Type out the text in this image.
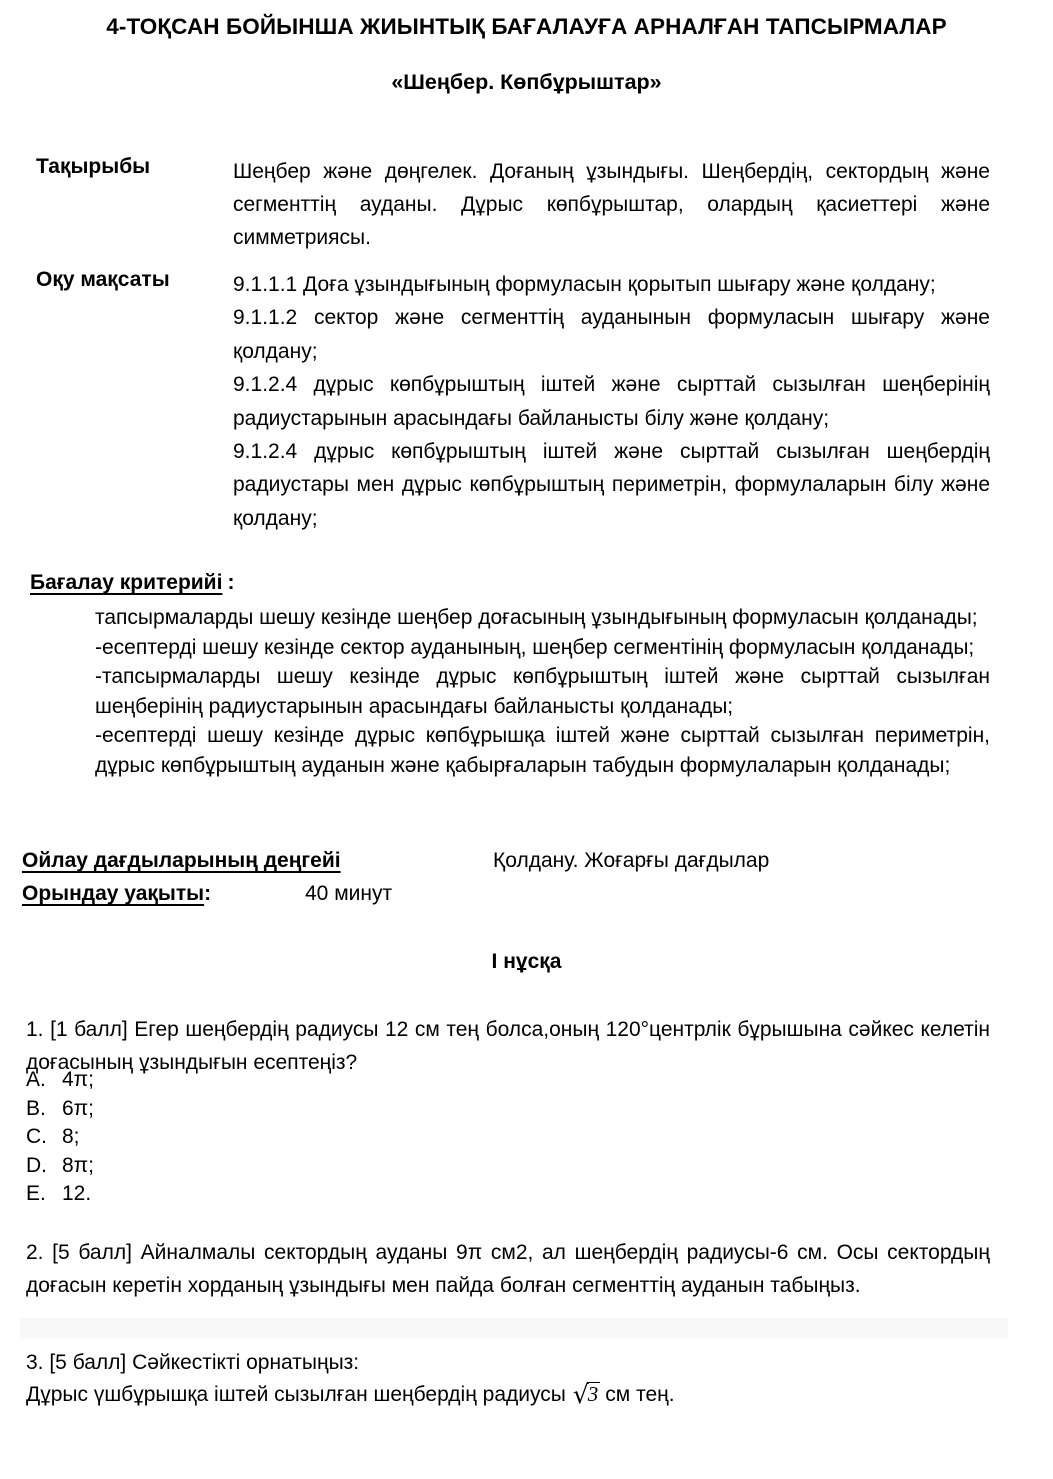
4-ТОҚСАН БОЙЫНША ЖИЫНТЫҚ БАҒАЛАУҒА АРНАЛҒАН ТАПСЫРМАЛАР
«Шеңбер. Көпбұрыштар»
Тақырыбы	Шеңбер және дөңгелек. Доғаның ұзындығы. Шеңбердің, сектордың және сегменттің ауданы. Дұрыс көпбұрыштар, олардың қасиеттері және симметриясы.
Оқу мақсаты	9.1.1.1 Доға ұзындығының формуласын қорытып шығару және қолдану;

9.1.1.2 сектор және сегменттің ауданынын формуласын шығару және қолдану;

9.1.2.4 дұрыс көпбұрыштың іштей және сырттай сызылған шеңберінің радиустарынын арасындағы байланысты білу және қолдану;

9.1.2.4 дұрыс көпбұрыштың іштей және сырттай сызылған шеңбердің радиустары мен дұрыс көпбұрыштың периметрін, формулаларын білу және қолдану;

Бағалау критерийі :

тапсырмаларды шешу кезінде шеңбер доғасының ұзындығының формуласын қолданады;

-есептерді шешу кезінде сектор ауданының, шеңбер сегментінің формуласын қолданады;

-тапсырмаларды шешу кезінде дұрыс көпбұрыштың іштей және сырттай сызылған шеңберінің радиустарынын арасындағы байланысты қолданады;

-есептерді шешу кезінде дұрыс көпбұрышқа іштей және сырттай сызылған периметрін, дұрыс көпбұрыштың ауданын және қабырғаларын табудын формулаларын қолданады;

Ойлау дағдыларының деңгейі	Қолдану. Жоғарғы дағдылар
Орындау уақыты:	40 минут
І нұсқа
1. [1 балл] Егер шеңбердің радиусы 12 см тең болса,оның 120°центрлік бұрышына сәйкес келетін доғасының ұзындығын есептеңіз?
A. 4π;
B. 6π;
C. 8;
D. 8π;
E. 12.
2. [5 балл] Айналмалы сектордың ауданы 9π см2, ал шеңбердің радиусы-6 см. Осы сектордың доғасын керетін хорданың ұзындығы мен пайда болған сегменттің ауданын табыңыз.
3. [5 балл] Сәйкестікті орнатыңыз:
Дұрыс үшбұрышқа іштей сызылған шеңбердің радиусы √3 см тең.
